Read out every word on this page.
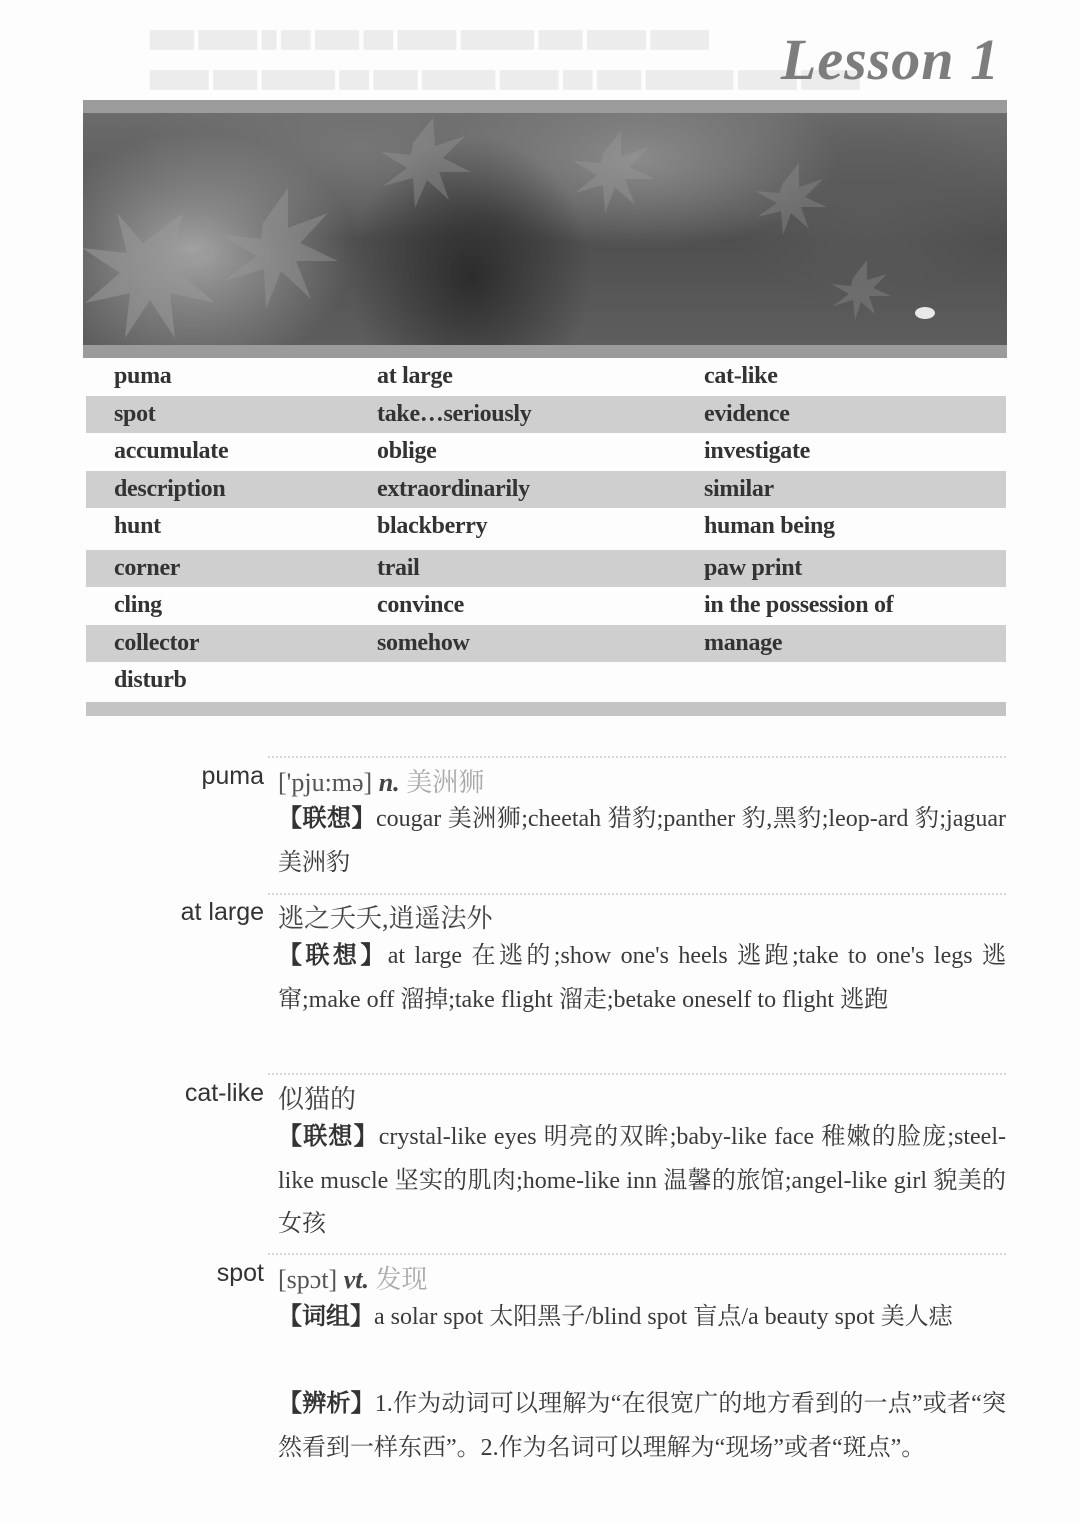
▇▇▇ ▇▇▇▇ ▇ ▇▇ ▇▇▇ ▇▇ ▇▇▇▇ ▇▇▇▇▇ ▇▇▇ ▇▇▇▇ ▇▇▇▇
▇▇▇▇ ▇▇▇ ▇▇▇▇▇ ▇▇ ▇▇▇ ▇▇▇▇▇ ▇▇▇▇ ▇▇ ▇▇▇ ▇▇▇▇▇▇ ▇▇▇▇ ▇▇▇▇
Lesson 1
puma	at large	cat-like
spot	take…seriously	evidence
accumulate	oblige	investigate
description	extraordinarily	similar
hunt	blackberry	human being
corner	trail	paw print
cling	convince	in the possession of
collector	somehow	manage
disturb
puma ['pju:mə] n. 美洲狮
【联想】cougar 美洲狮;cheetah 猎豹;panther 豹,黑豹;leop-ard 豹;jaguar 美洲豹
at large 逃之夭夭,逍遥法外
【联想】at large 在逃的;show one's heels 逃跑;take to one's legs 逃窜;make off 溜掉;take flight 溜走;betake oneself to flight 逃跑
cat-like 似猫的
【联想】crystal-like eyes 明亮的双眸;baby-like face 稚嫩的脸庞;steel-like muscle 坚实的肌肉;home-like inn 温馨的旅馆;angel-like girl 貌美的女孩
spot [spɔt] vt. 发现
【词组】a solar spot 太阳黑子/blind spot 盲点/a beauty spot 美人痣
【辨析】1.作为动词可以理解为“在很宽广的地方看到的一点”或者“突然看到一样东西”。2.作为名词可以理解为“现场”或者“斑点”。
